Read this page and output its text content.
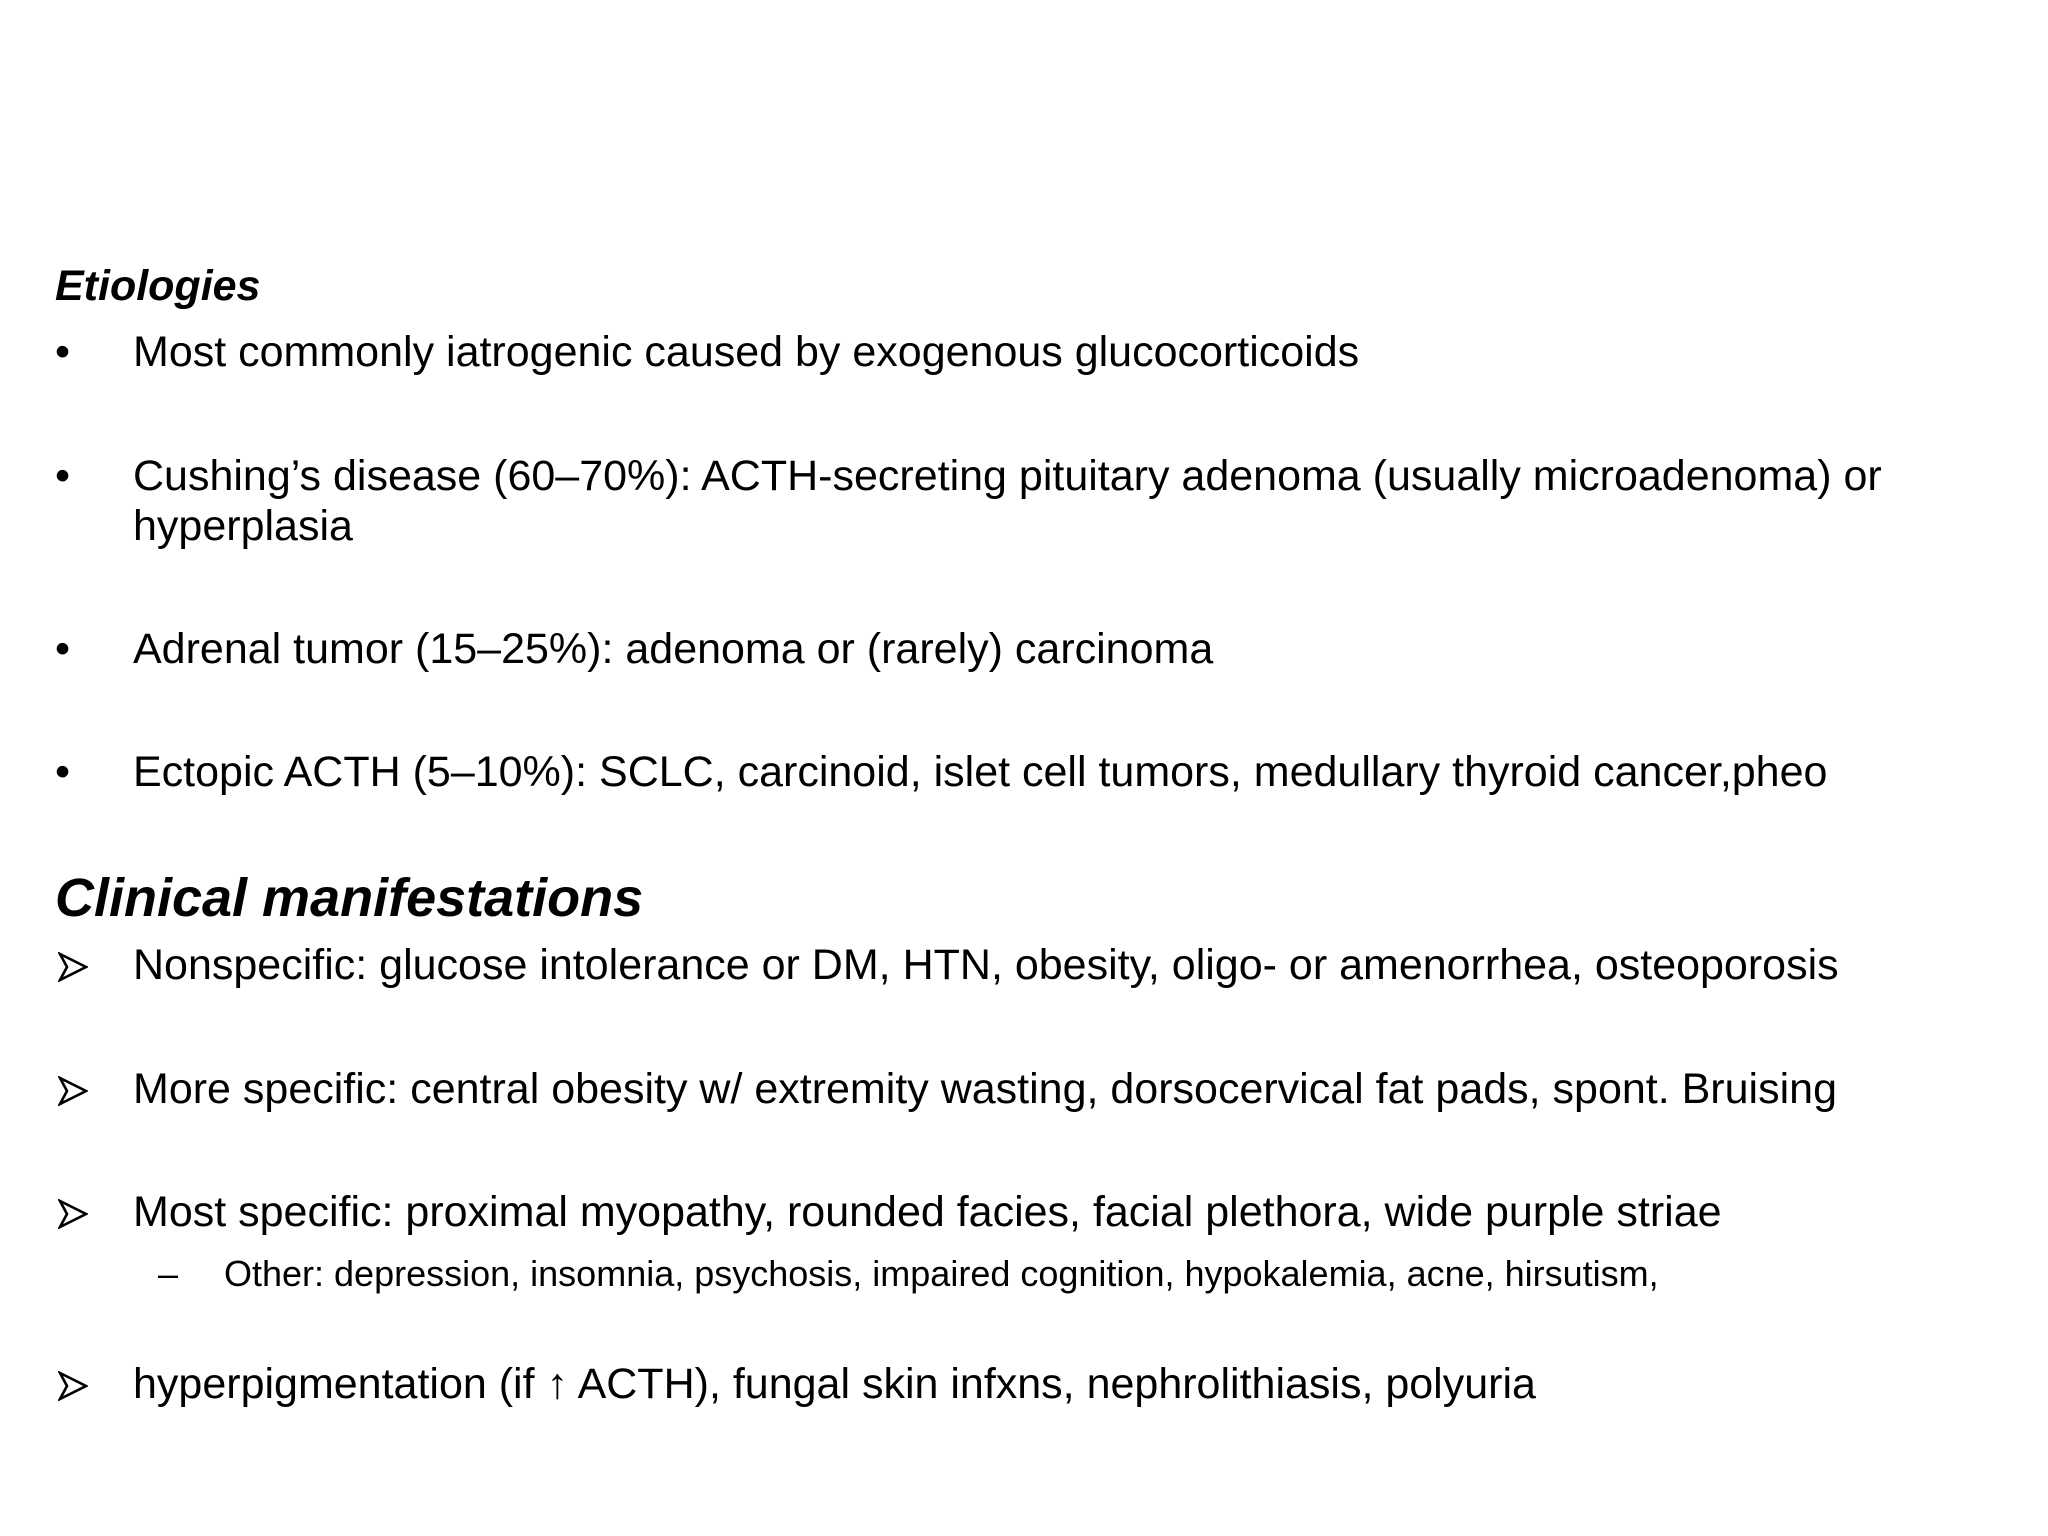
Etiologies
• Most commonly iatrogenic caused by exogenous glucocorticoids
• Cushing’s disease (60–70%): ACTH-secreting pituitary adenoma (usually microadenoma) or
hyperplasia
• Adrenal tumor (15–25%): adenoma or (rarely) carcinoma
• Ectopic ACTH (5–10%): SCLC, carcinoid, islet cell tumors, medullary thyroid cancer,pheo
Clinical manifestations
Nonspecific: glucose intolerance or DM, HTN, obesity, oligo- or amenorrhea, osteoporosis
More specific: central obesity w/ extremity wasting, dorsocervical fat pads, spont. Bruising
Most specific: proximal myopathy, rounded facies, facial plethora, wide purple striae
– Other: depression, insomnia, psychosis, impaired cognition, hypokalemia, acne, hirsutism,
hyperpigmentation (if ↑ ACTH), fungal skin infxns, nephrolithiasis, polyuria
